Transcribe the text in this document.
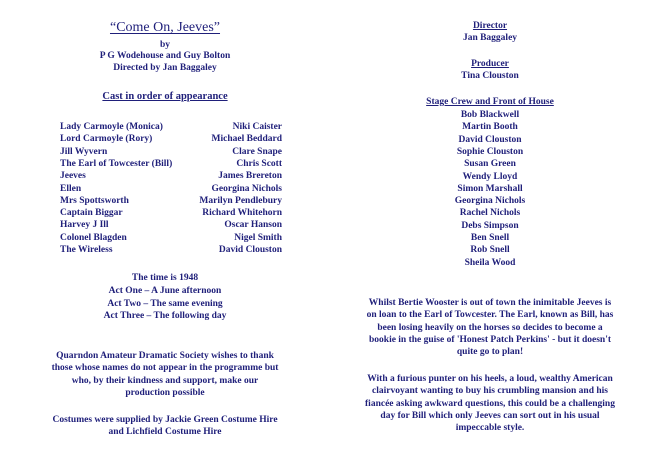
“Come On, Jeeves”
by
P G Wodehouse and Guy Bolton
Directed by Jan Baggaley
Cast in order of appearance
Lady Carmoyle (Monica)	Niki Caister
Lord Carmoyle (Rory)	Michael Beddard
Jill Wyvern	Clare Snape
The Earl of Towcester (Bill)	Chris Scott
Jeeves	James Brereton
Ellen	Georgina Nichols
Mrs Spottsworth	Marilyn Pendlebury
Captain Biggar	Richard Whitehorn
Harvey J Ill	Oscar Hanson
Colonel Blagden	Nigel Smith
The Wireless	David Clouston
The time is 1948
Act One – A June afternoon
Act Two – The same evening
Act Three – The following day
Quarndon Amateur Dramatic Society wishes to thank
those whose names do not appear in the programme but
who, by their kindness and support, make our
production possible
Costumes were supplied by Jackie Green Costume Hire
and Lichfield Costume Hire
Director
Jan Baggaley
Producer
Tina Clouston
Stage Crew and Front of House
Bob Blackwell
Martin Booth
David Clouston
Sophie Clouston
Susan Green
Wendy Lloyd
Simon Marshall
Georgina Nichols
Rachel Nichols
Debs Simpson
Ben Snell
Rob Snell
Sheila Wood
Whilst Bertie Wooster is out of town the inimitable Jeeves is
on loan to the Earl of Towcester. The Earl, known as Bill, has
been losing heavily on the horses so decides to become a
bookie in the guise of 'Honest Patch Perkins' - but it doesn't
quite go to plan!
With a furious punter on his heels, a loud, wealthy American
clairvoyant wanting to buy his crumbling mansion and his
fiancée asking awkward questions, this could be a challenging
day for Bill which only Jeeves can sort out in his usual
impeccable style.
